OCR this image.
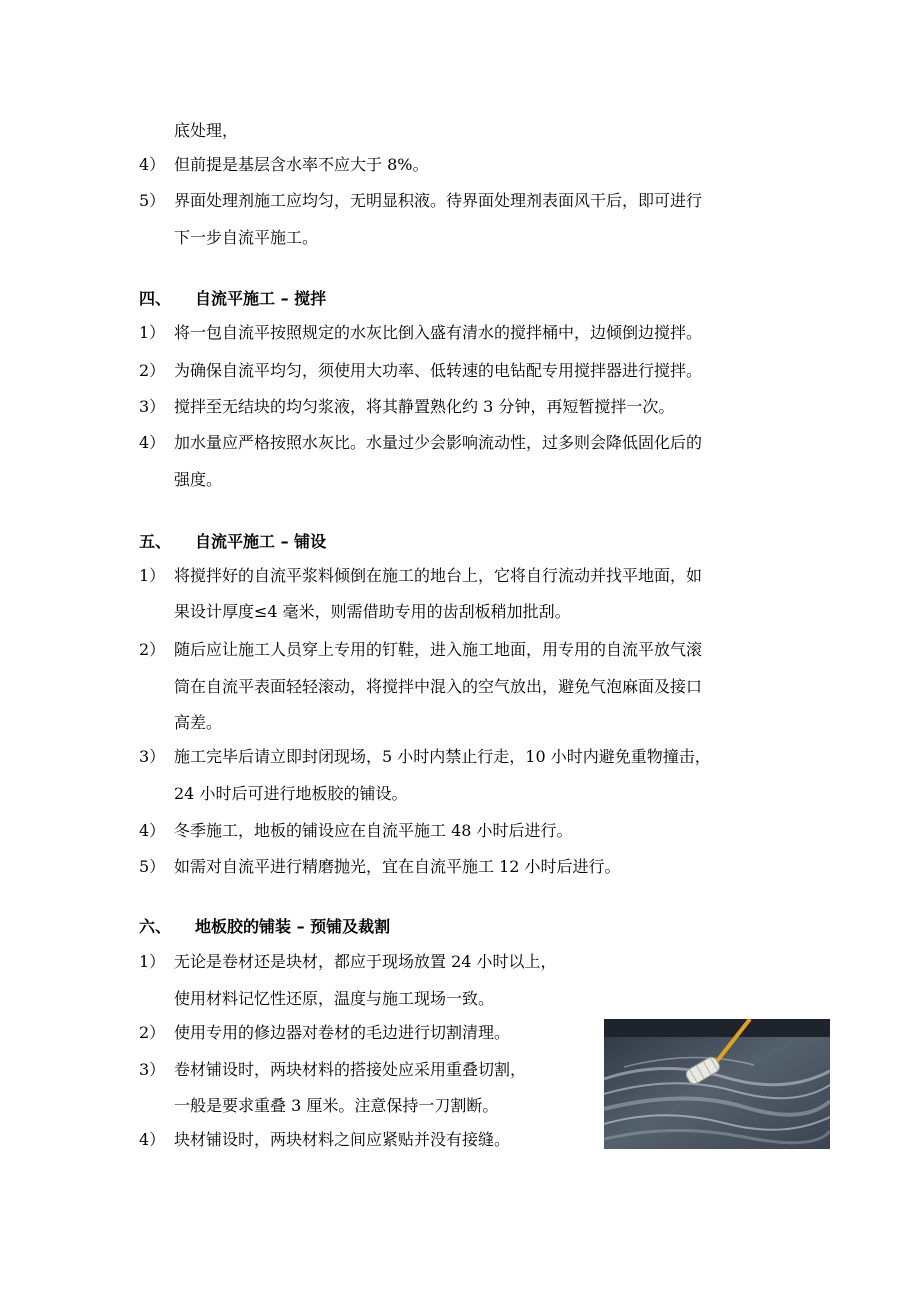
底处理，
4） 但前提是基层含水率不应大于 8%。
5） 界面处理剂施工应均匀，无明显积液。待界面处理剂表面风干后，即可进行
下一步自流平施工。
四、 自流平施工 – 搅拌
1） 将一包自流平按照规定的水灰比倒入盛有清水的搅拌桶中，边倾倒边搅拌。
2） 为确保自流平均匀，须使用大功率、低转速的电钻配专用搅拌器进行搅拌。
3） 搅拌至无结块的均匀浆液，将其静置熟化约 3 分钟，再短暂搅拌一次。
4） 加水量应严格按照水灰比。水量过少会影响流动性，过多则会降低固化后的
强度。
五、 自流平施工 – 铺设
1） 将搅拌好的自流平浆料倾倒在施工的地台上，它将自行流动并找平地面，如
果设计厚度≤4 毫米，则需借助专用的齿刮板稍加批刮。
2） 随后应让施工人员穿上专用的钉鞋，进入施工地面，用专用的自流平放气滚
筒在自流平表面轻轻滚动，将搅拌中混入的空气放出，避免气泡麻面及接口
高差。
3） 施工完毕后请立即封闭现场，5 小时内禁止行走，10 小时内避免重物撞击，
24 小时后可进行地板胶的铺设。
4） 冬季施工，地板的铺设应在自流平施工 48 小时后进行。
5） 如需对自流平进行精磨抛光，宜在自流平施工 12 小时后进行。
六、 地板胶的铺装 – 预铺及裁割
1） 无论是卷材还是块材，都应于现场放置 24 小时以上，
使用材料记忆性还原，温度与施工现场一致。
2） 使用专用的修边器对卷材的毛边进行切割清理。
3） 卷材铺设时，两块材料的搭接处应采用重叠切割，
一般是要求重叠 3 厘米。注意保持一刀割断。
4） 块材铺设时，两块材料之间应紧贴并没有接缝。
